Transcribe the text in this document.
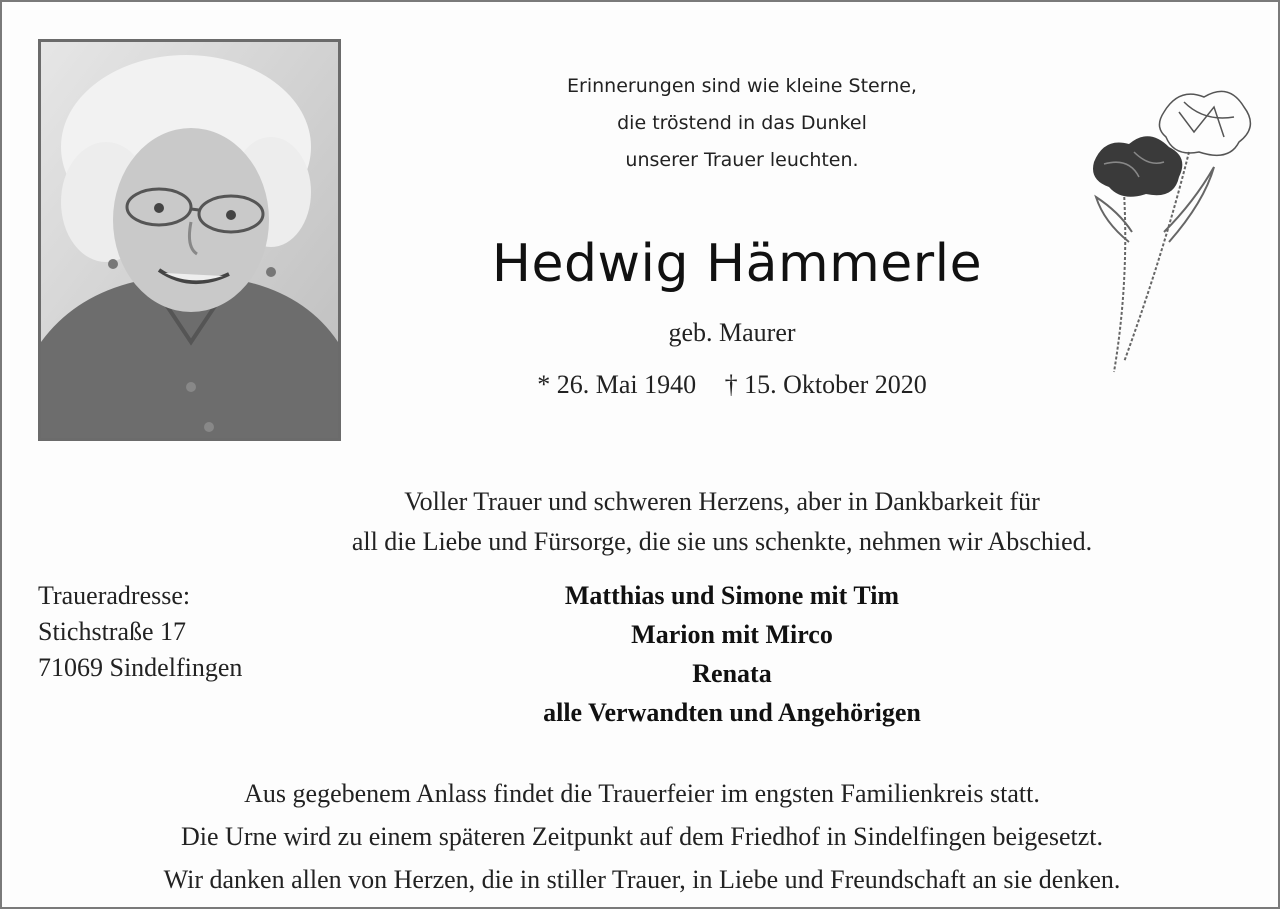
Erinnerungen sind wie kleine Sterne,
die tröstend in das Dunkel
unserer Trauer leuchten.
Hedwig Hämmerle
geb. Maurer
* 26. Mai 1940 † 15. Oktober 2020
Voller Trauer und schweren Herzens, aber in Dankbarkeit für
all die Liebe und Fürsorge, die sie uns schenkte, nehmen wir Abschied.
Traueradresse:
Stichstraße 17
71069 Sindelfingen
Matthias und Simone mit Tim
Marion mit Mirco
Renata
alle Verwandten und Angehörigen
Aus gegebenem Anlass findet die Trauerfeier im engsten Familienkreis statt.
Die Urne wird zu einem späteren Zeitpunkt auf dem Friedhof in Sindelfingen beigesetzt.
Wir danken allen von Herzen, die in stiller Trauer, in Liebe und Freundschaft an sie denken.
